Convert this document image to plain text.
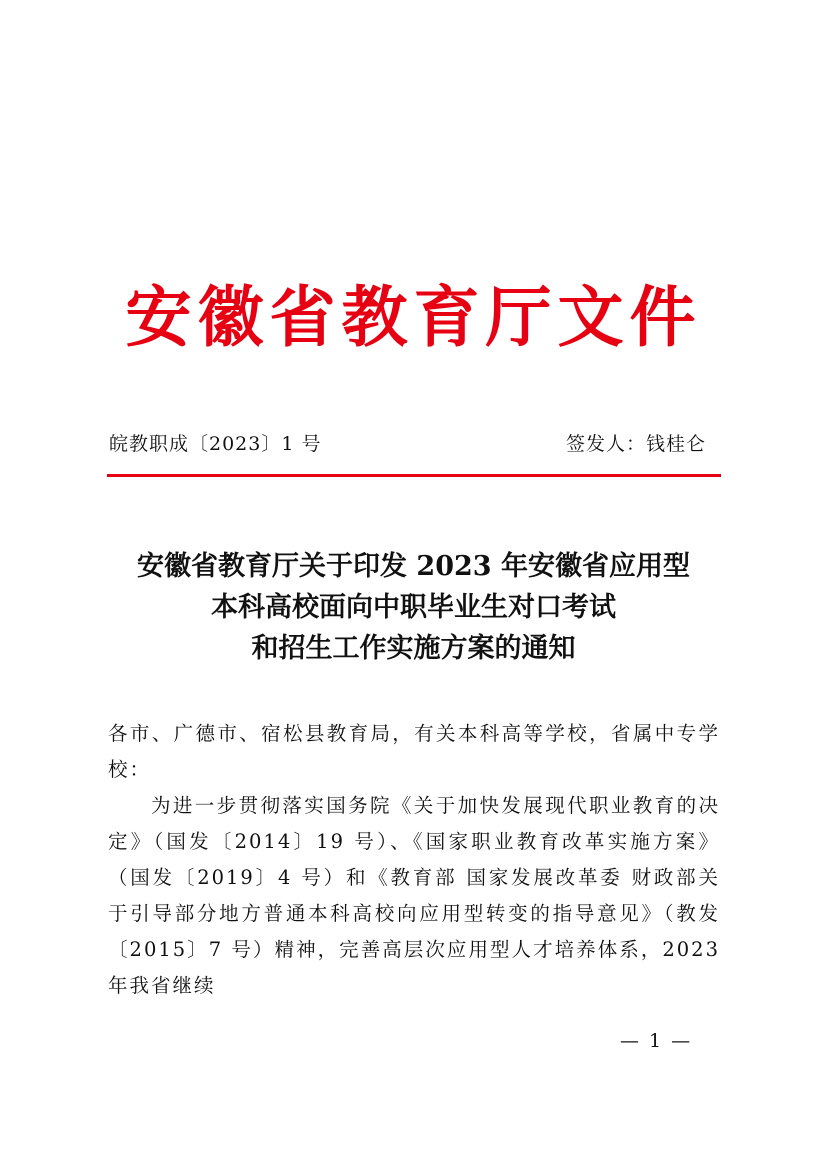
安徽省教育厅文件
皖教职成〔2023〕1 号	签发人：钱桂仑
安徽省教育厅关于印发 2023 年安徽省应用型
本科高校面向中职毕业生对口考试
和招生工作实施方案的通知

各市、广德市、宿松县教育局，有关本科高等学校，省属中专学校：

为进一步贯彻落实国务院《关于加快发展现代职业教育的决定》（国发〔2014〕19 号）、《国家职业教育改革实施方案》（国发〔2019〕4 号）和《教育部 国家发展改革委 财政部关于引导部分地方普通本科高校向应用型转变的指导意见》（教发〔2015〕7 号）精神，完善高层次应用型人才培养体系，2023 年我省继续

— 1 —
